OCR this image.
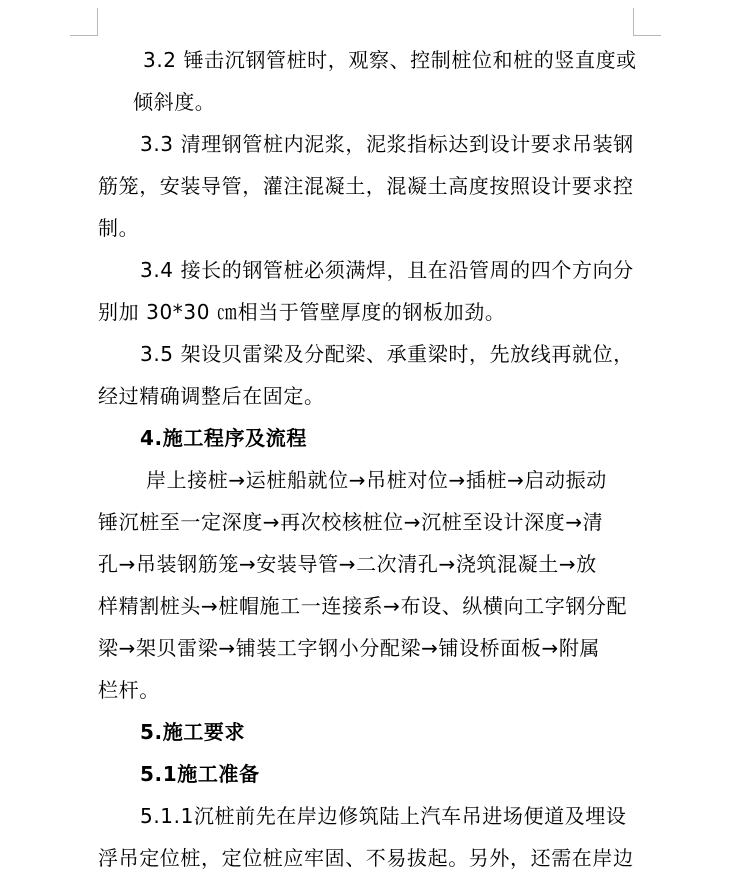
3.2 锤击沉钢管桩时，观察、控制桩位和桩的竖直度或
倾斜度。
3.3 清理钢管桩内泥浆，泥浆指标达到设计要求吊装钢
筋笼，安装导管，灌注混凝土，混凝土高度按照设计要求控
制。
3.4 接长的钢管桩必须满焊，且在沿管周的四个方向分
别加 30*30 ㎝相当于管壁厚度的钢板加劲。
3.5 架设贝雷梁及分配梁、承重梁时，先放线再就位，
经过精确调整后在固定。
4.施工程序及流程
岸上接桩→运桩船就位→吊桩对位→插桩→启动振动
锤沉桩至一定深度→再次校核桩位→沉桩至设计深度→清
孔→吊装钢筋笼→安装导管→二次清孔→浇筑混凝土→放
样精割桩头→桩帽施工一连接系→布设、纵横向工字钢分配
梁→架贝雷梁→铺装工字钢小分配梁→铺设桥面板→附属
栏杆。
5.施工要求
5.1施工准备
5.1.1沉桩前先在岸边修筑陆上汽车吊进场便道及埋设
浮吊定位桩，定位桩应牢固、不易拔起。另外，还需在岸边
